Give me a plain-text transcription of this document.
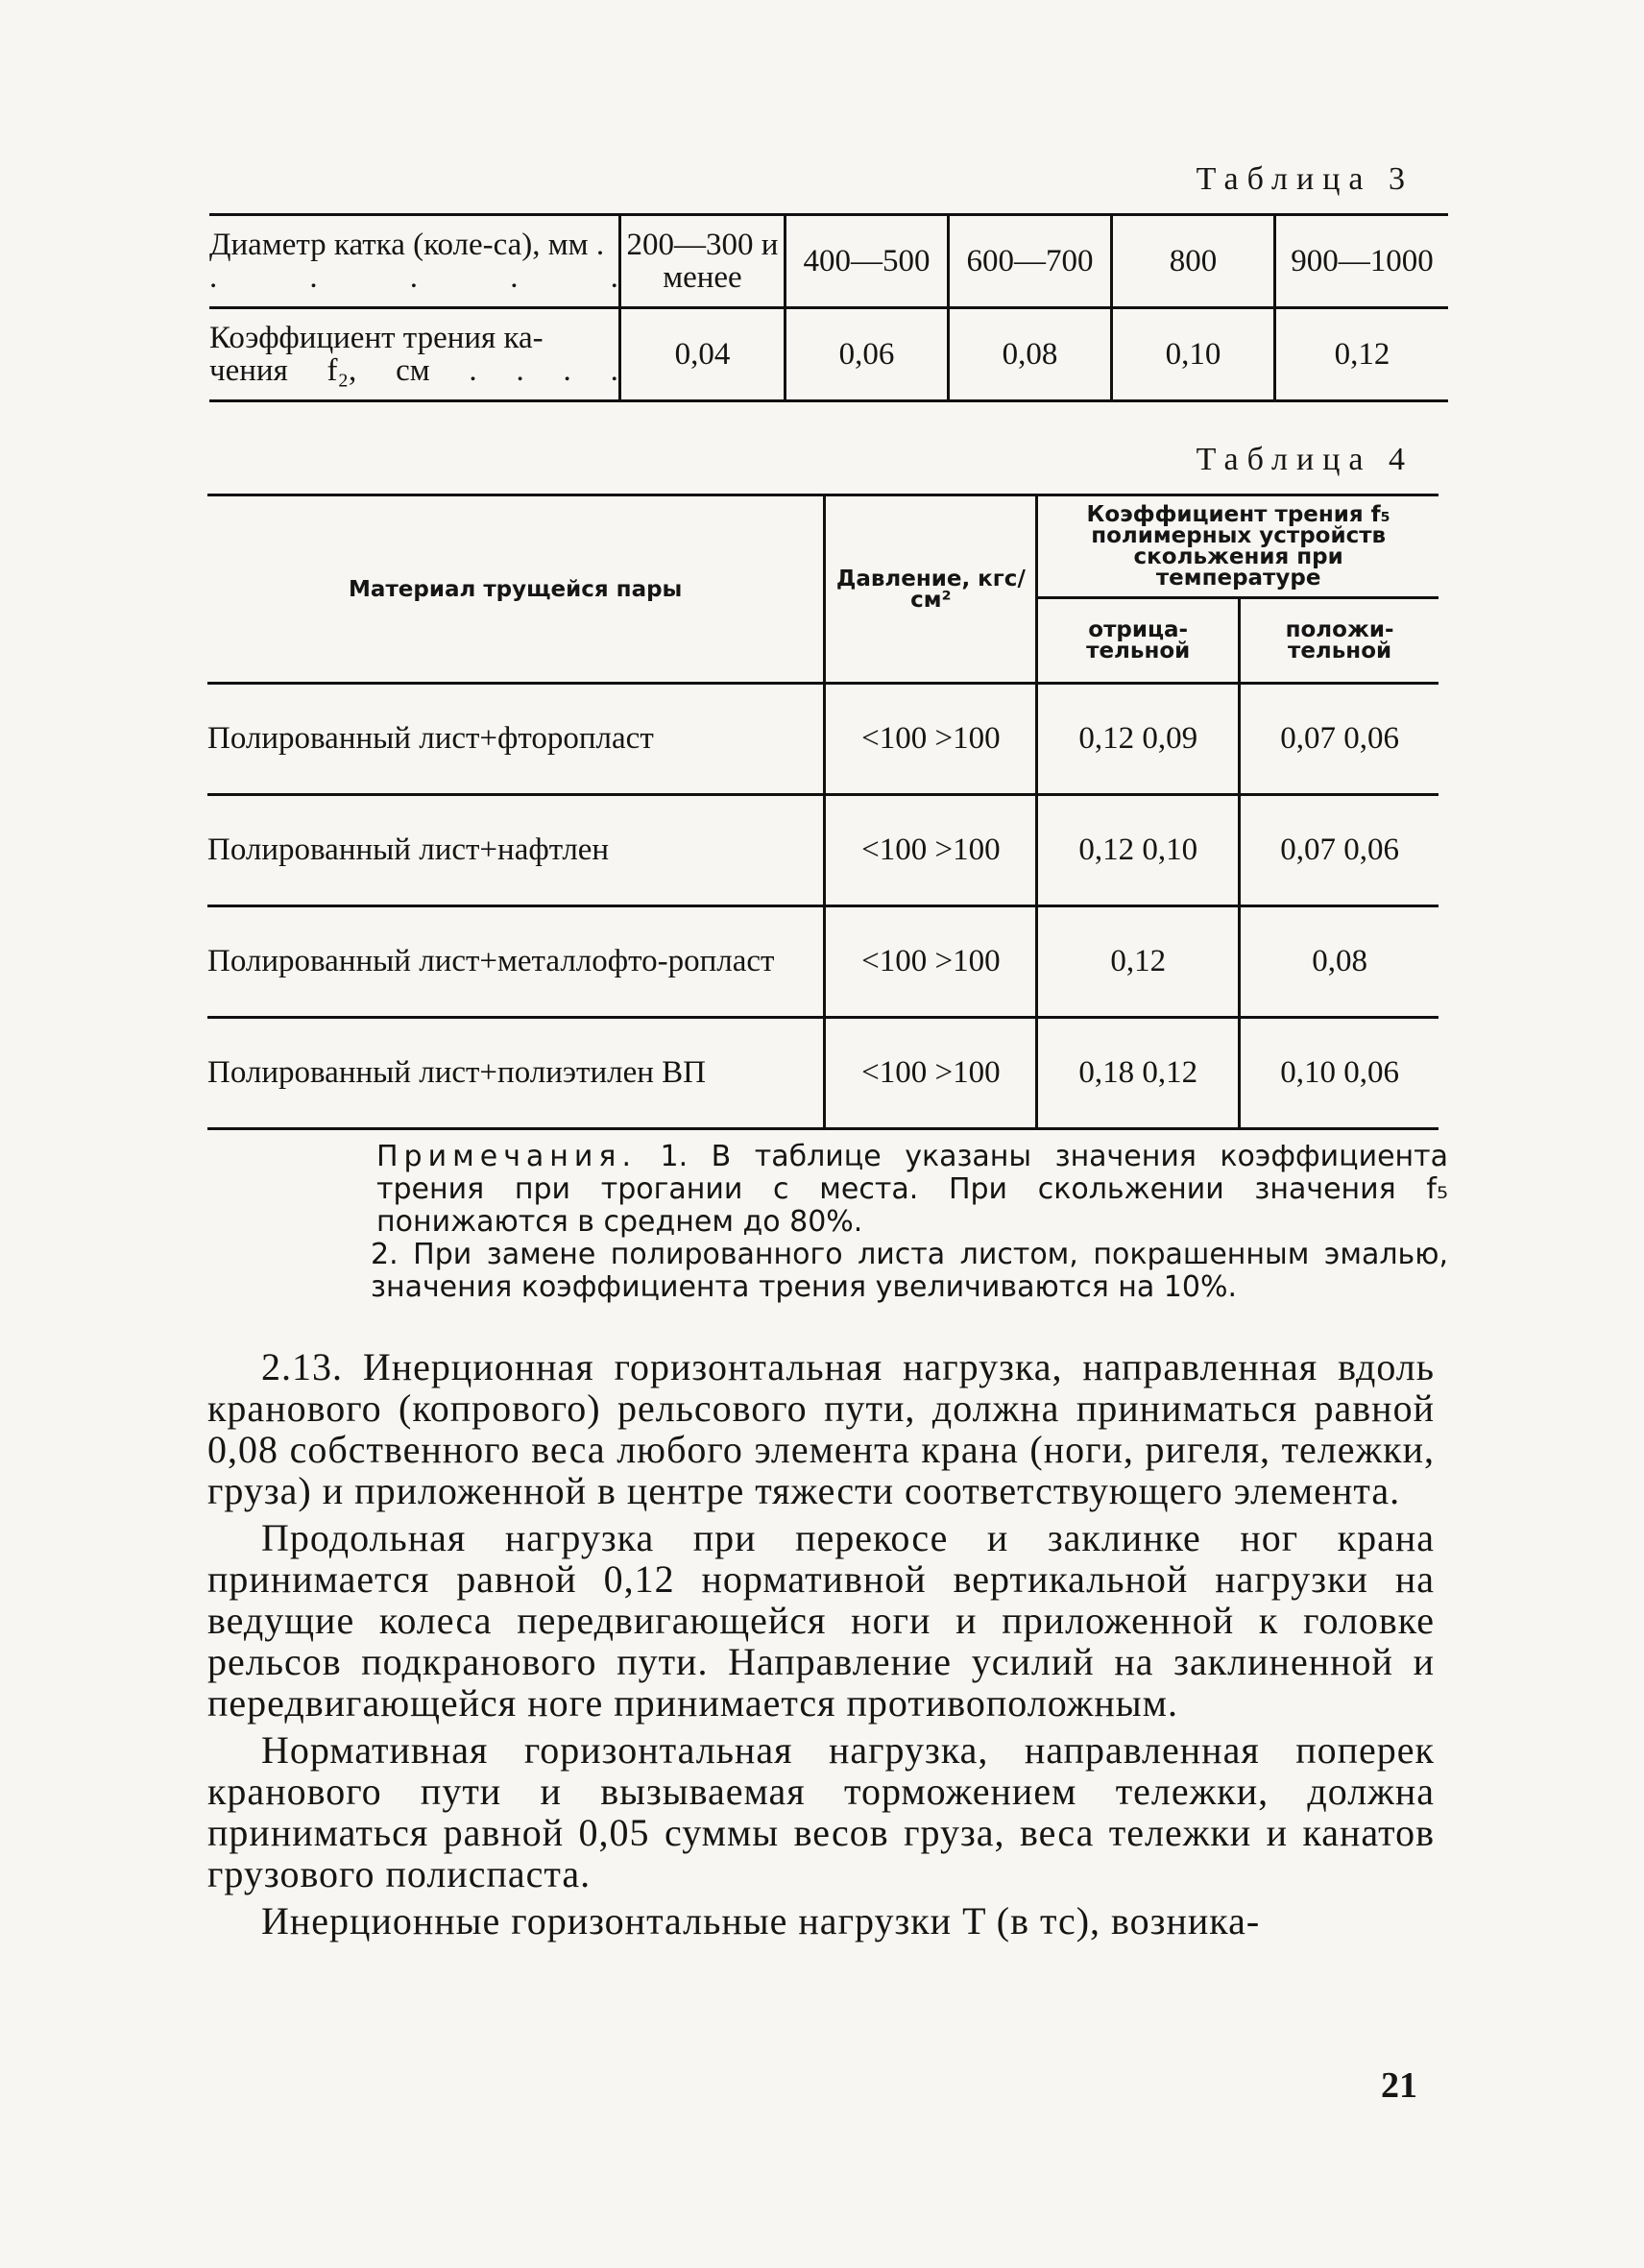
Таблица 3
Диаметр катка (коле-са), мм . . . . . .	200—300 и менее	400—500	600—700	800	900—1000
Коэффициент трения ка-чения f₂, см . . . .	0,04	0,06	0,08	0,10	0,12
Таблица 4
Материал трущейся пары	Давление, кгс/см²	Коэффициент трения f₅ полимерных устройств скольжения при температуре	
		отрица-тельной	положи-тельной
Полированный лист+фторопласт	<100 >100	0,12 0,09	0,07 0,06
Полированный лист+нафтлен	<100 >100	0,12 0,10	0,07 0,06
Полированный лист+металлофто-ропласт	<100 >100	0,12	0,08
Полированный лист+полиэтилен ВП	<100 >100	0,18 0,12	0,10 0,06

Примечания. 1. В таблице указаны значения коэффициента трения при трогании с места. При скольжении значения f₅ понижаются в среднем до 80%.

2. При замене полированного листа листом, покрашенным эмалью, значения коэффициента трения увеличиваются на 10%.

2.13. Инерционная горизонтальная нагрузка, направленная вдоль кранового (копрового) рельсового пути, должна приниматься равной 0,08 собственного веса любого элемента крана (ноги, ригеля, тележки, груза) и приложенной в центре тяжести соответствующего элемента.

Продольная нагрузка при перекосе и заклинке ног крана принимается равной 0,12 нормативной вертикальной нагрузки на ведущие колеса передвигающейся ноги и приложенной к головке рельсов подкранового пути. Направление усилий на заклиненной и передвигающейся ноге принимается противоположным.

Нормативная горизонтальная нагрузка, направленная поперек кранового пути и вызываемая торможением тележки, должна приниматься равной 0,05 суммы весов груза, веса тележки и канатов грузового полиспаста.

Инерционные горизонтальные нагрузки T (в тс), возника-

21
